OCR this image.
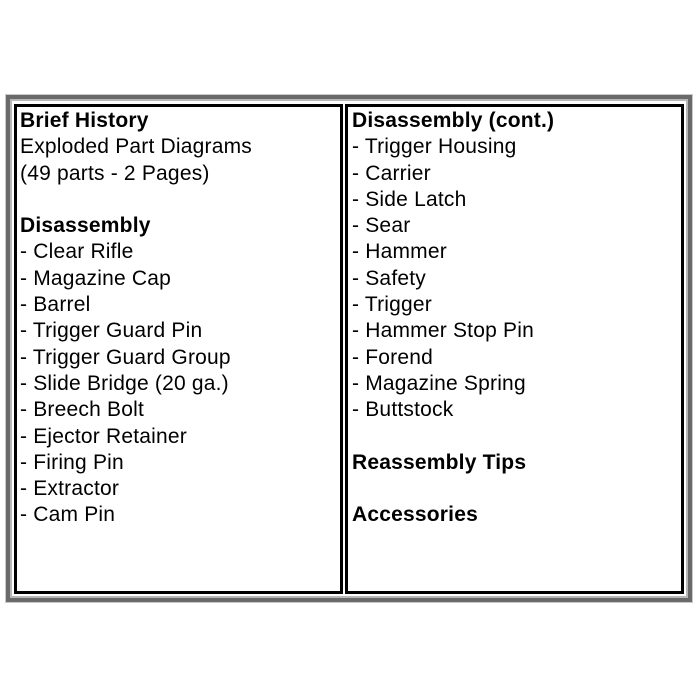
Brief History
Exploded Part Diagrams
(49 parts - 2 Pages)

Disassembly
- Clear Rifle
- Magazine Cap
- Barrel
- Trigger Guard Pin
- Trigger Guard Group
- Slide Bridge (20 ga.)
- Breech Bolt
- Ejector Retainer
- Firing Pin
- Extractor
- Cam Pin
Disassembly (cont.)
- Trigger Housing
- Carrier
- Side Latch
- Sear
- Hammer
- Safety
- Trigger
- Hammer Stop Pin
- Forend
- Magazine Spring
- Buttstock

Reassembly Tips

Accessories
